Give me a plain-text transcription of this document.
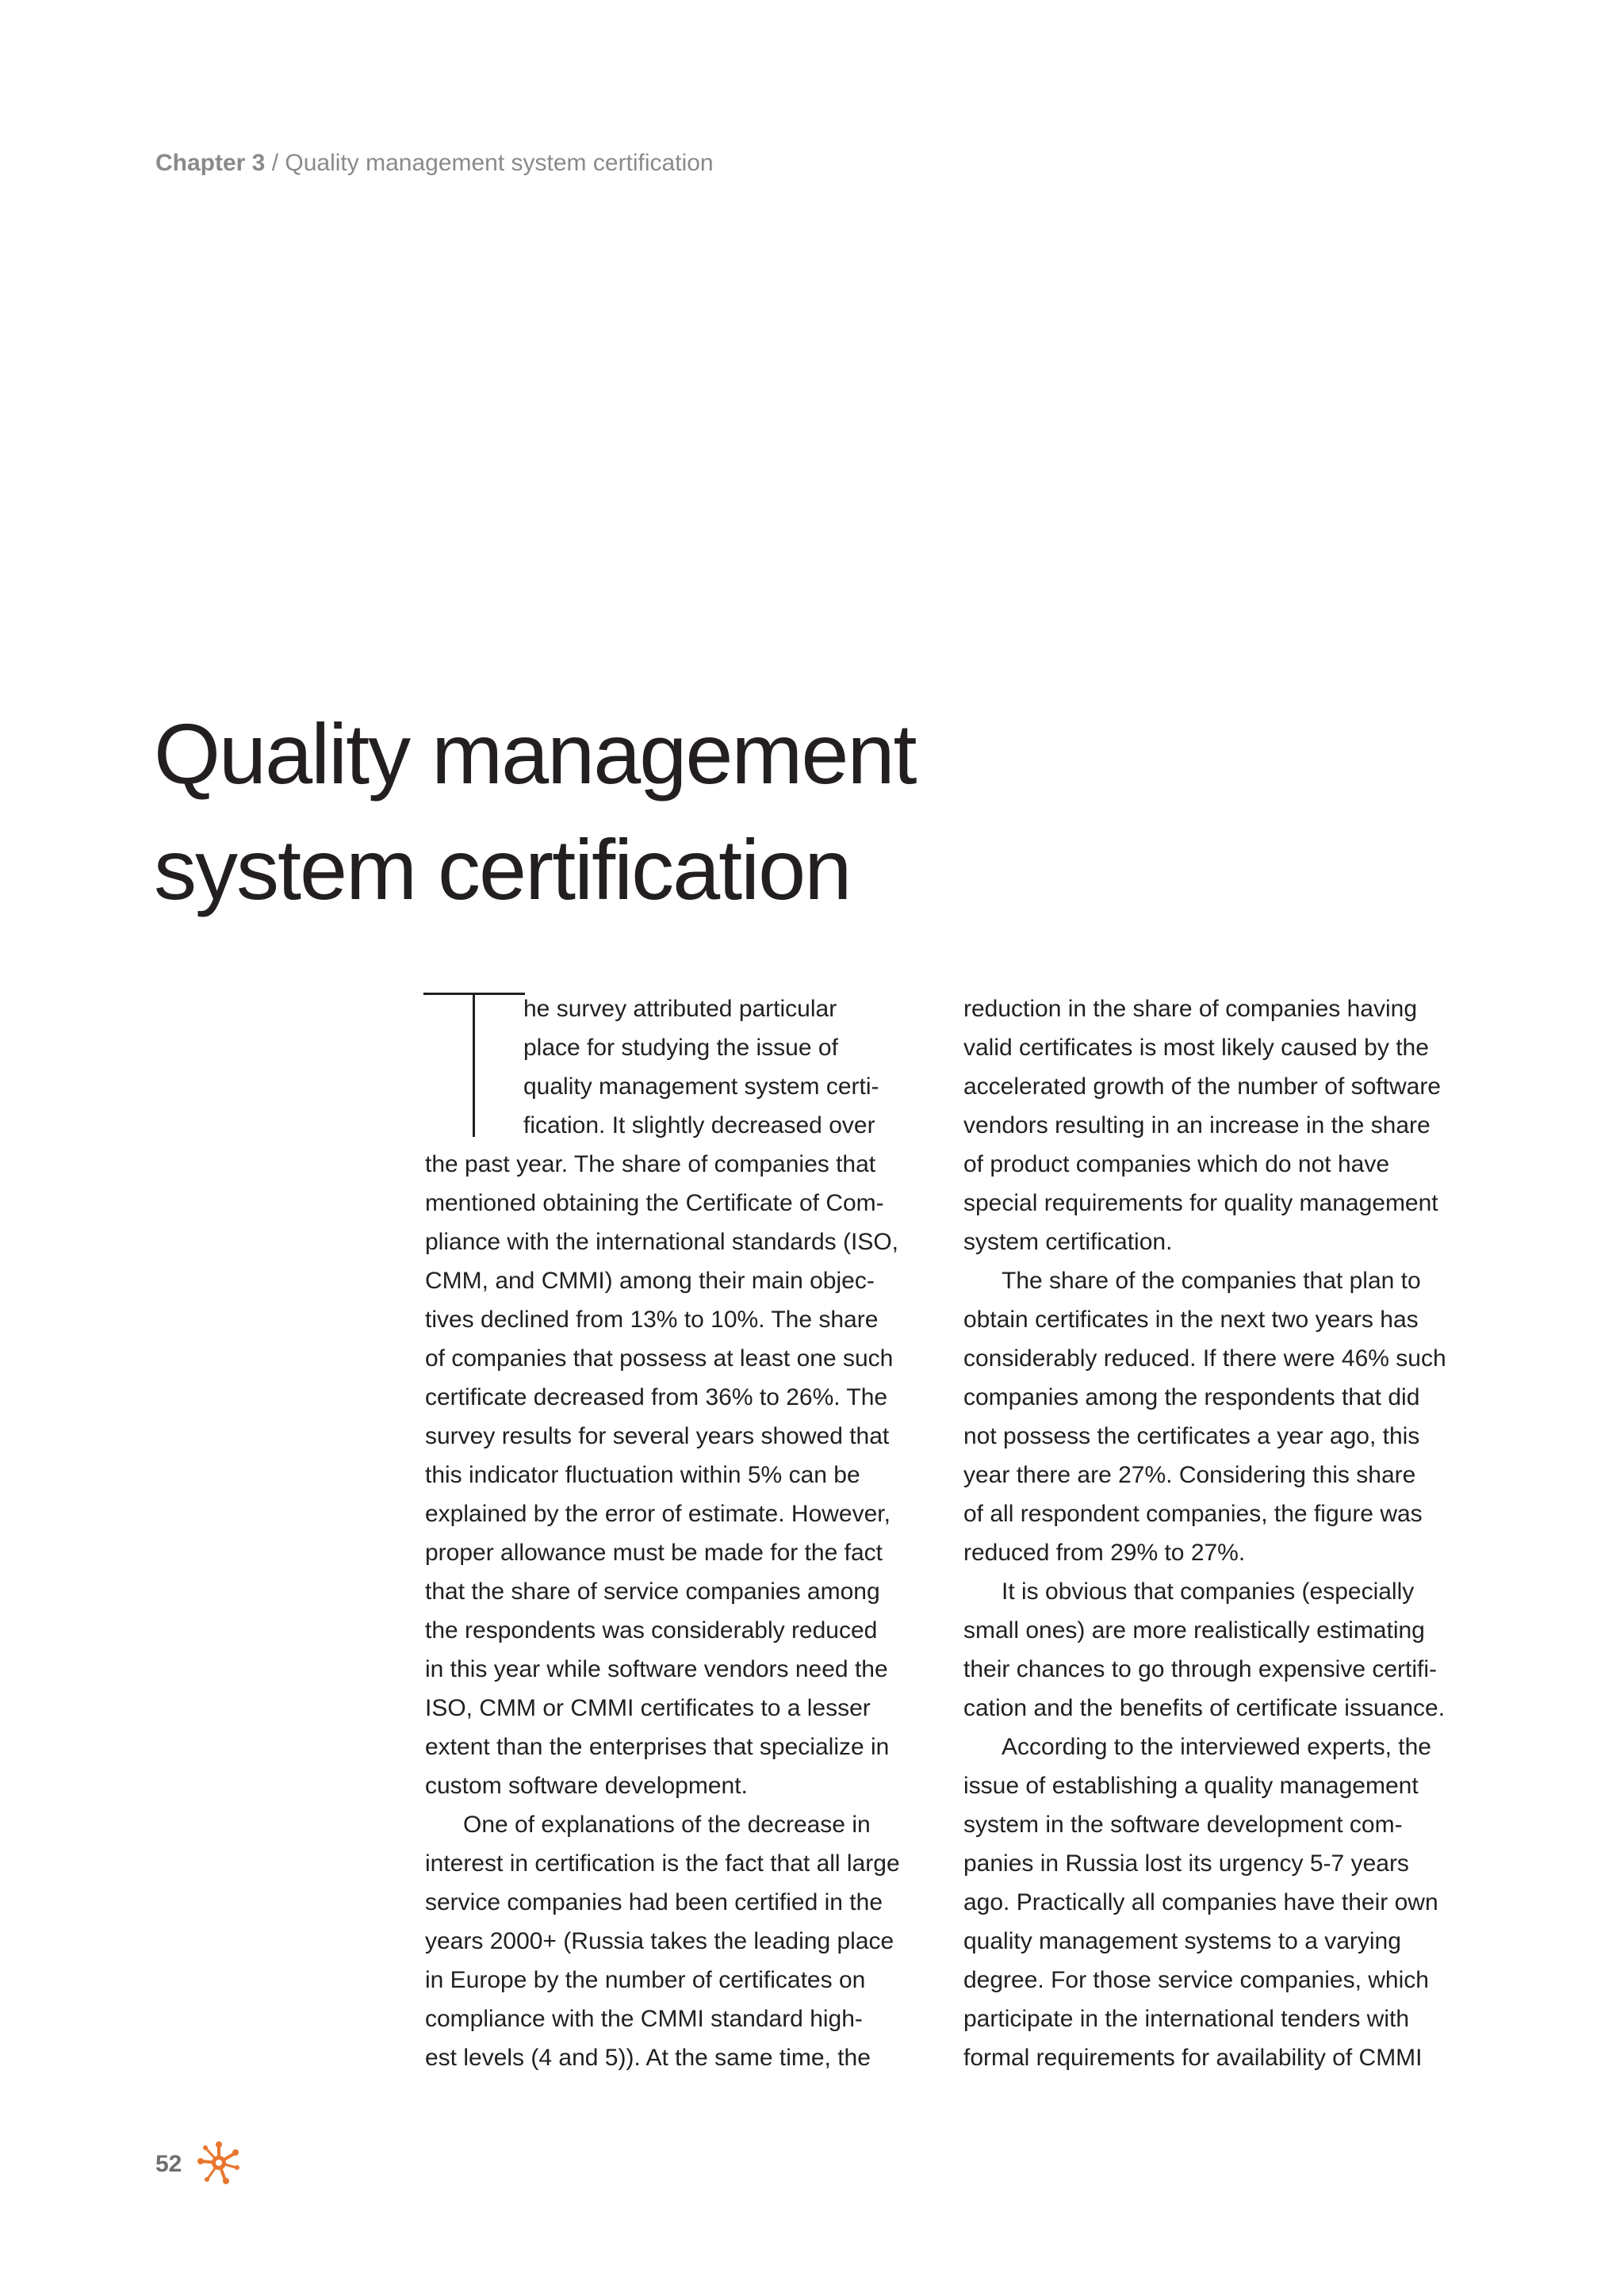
Chapter 3 / Quality management system certification
Quality management
system certification
he survey attributed particular
place for studying the issue of
quality management system certi-
fication. It slightly decreased over
the past year. The share of companies that
mentioned obtaining the Certificate of Com-
pliance with the international standards (ISO,
CMM, and CMMI) among their main objec-
tives declined from 13% to 10%. The share
of companies that possess at least one such
certificate decreased from 36% to 26%. The
survey results for several years showed that
this indicator fluctuation within 5% can be
explained by the error of estimate. However,
proper allowance must be made for the fact
that the share of service companies among
the respondents was considerably reduced
in this year while software vendors need the
ISO, CMM or CMMI certificates to a lesser
extent than the enterprises that specialize in
custom software development.
One of explanations of the decrease in
interest in certification is the fact that all large
service companies had been certified in the
years 2000+ (Russia takes the leading place
in Europe by the number of certificates on
compliance with the CMMI standard high-
est levels (4 and 5)). At the same time, the
reduction in the share of companies having
valid certificates is most likely caused by the
accelerated growth of the number of software
vendors resulting in an increase in the share
of product companies which do not have
special requirements for quality management
system certification.
The share of the companies that plan to
obtain certificates in the next two years has
considerably reduced. If there were 46% such
companies among the respondents that did
not possess the certificates a year ago, this
year there are 27%. Considering this share
of all respondent companies, the figure was
reduced from 29% to 27%.
It is obvious that companies (especially
small ones) are more realistically estimating
their chances to go through expensive certifi-
cation and the benefits of certificate issuance.
According to the interviewed experts, the
issue of establishing a quality management
system in the software development com-
panies in Russia lost its urgency 5-7 years
ago. Practically all companies have their own
quality management systems to a varying
degree. For those service companies, which
participate in the international tenders with
formal requirements for availability of CMMI
52
